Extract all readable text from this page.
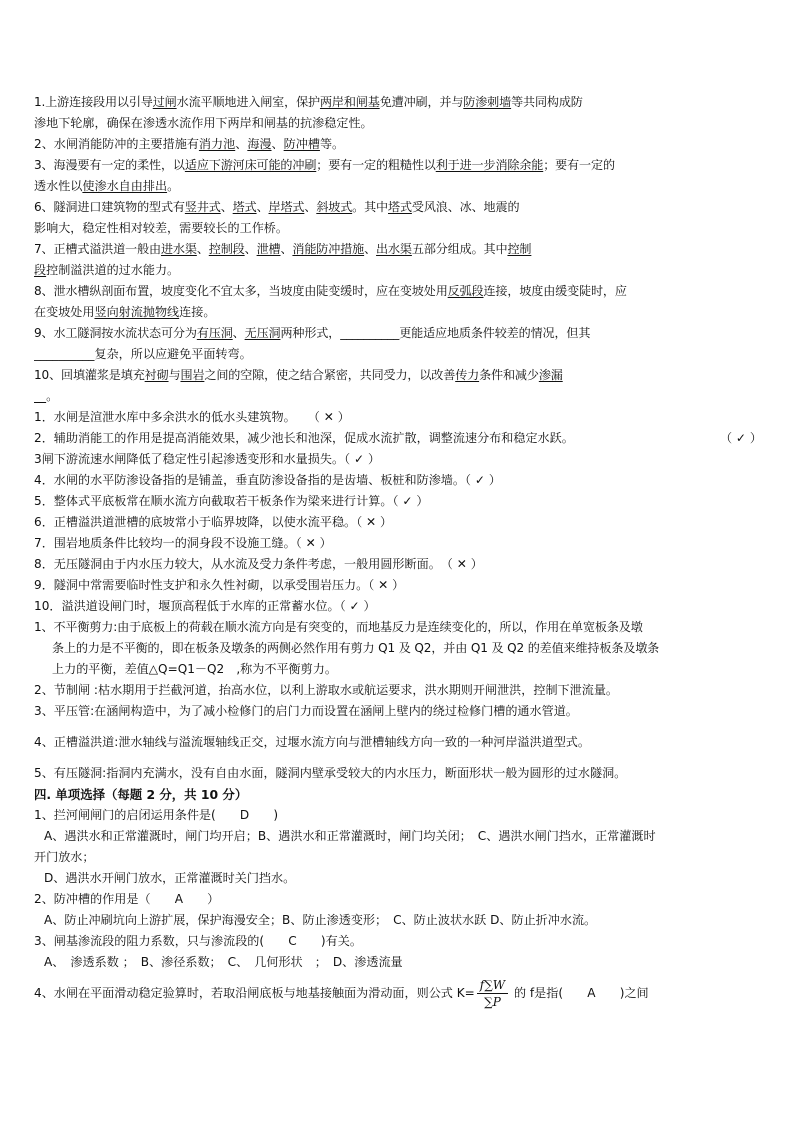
1.上游连接段用以引导过闸水流平顺地进入闸室，保护两岸和闸基免遭冲刷，并与防渗刺墙等共同构成防
渗地下轮廓，确保在渗透水流作用下两岸和闸基的抗渗稳定性。
2、水闸消能防冲的主要措施有消力池、海漫、防冲槽等。
3、海漫要有一定的柔性，以适应下游河床可能的冲刷；要有一定的粗糙性以利于进一步消除余能；要有一定的
透水性以使渗水自由排出。
6、隧洞进口建筑物的型式有竖井式、塔式、岸塔式、斜坡式。其中塔式受风浪、冰、地震的
影响大，稳定性相对较差，需要较长的工作桥。
7、正槽式溢洪道一般由进水渠、控制段、泄槽、消能防冲措施、出水渠五部分组成。其中控制
段控制溢洪道的过水能力。
8、泄水槽纵剖面布置，坡度变化不宜太多，当坡度由陡变缓时，应在变坡处用反弧段连接，坡度由缓变陡时，应
在变坡处用竖向射流抛物线连接。
9、水工隧洞按水流状态可分为有压洞、无压洞两种形式，__________更能适应地质条件较差的情况，但其
__________复杂，所以应避免平面转弯。
10、回填灌浆是填充衬砌与围岩之间的空隙，使之结合紧密，共同受力，以改善传力条件和减少渗漏
　。
1．水闸是渲泄水库中多余洪水的低水头建筑物。　　（ ✕ ）
2．辅助消能工的作用是提高消能效果，减少池长和池深，促成水流扩散，调整流速分布和稳定水跃。	（ ✓ ）
3闸下游流速水闸降低了稳定性引起渗透变形和水量损失。（ ✓ ）
4．水闸的水平防渗设备指的是铺盖，垂直防渗设备指的是齿墙、板桩和防渗墙。（ ✓ ）
5．整体式平底板常在顺水流方向截取若干板条作为梁来进行计算。（ ✓ ）
6．正槽溢洪道泄槽的底坡常小于临界坡降，以使水流平稳。（ ✕ ）
7．围岩地质条件比较均一的洞身段不设施工缝。（ ✕ ）
8．无压隧洞由于内水压力较大，从水流及受力条件考虑，一般用圆形断面。　（ ✕ ）
9．隧洞中常需要临时性支护和永久性衬砌，以承受围岩压力。（ ✕ ）
10．溢洪道设闸门时，堰顶高程低于水库的正常蓄水位。（ ✓ ）
1、不平衡剪力:由于底板上的荷载在顺水流方向是有突变的，而地基反力是连续变化的，所以，作用在单宽板条及墩
条上的力是不平衡的，即在板条及墩条的两侧必然作用有剪力 Q1 及 Q2，并由 Q1 及 Q2 的差值来维持板条及墩条
上力的平衡，差值△Q=Q1－Q2　,称为不平衡剪力。
2、节制闸 :枯水期用于拦截河道，抬高水位，以利上游取水或航运要求，洪水期则开闸泄洪，控制下泄流量。
3、平压管:在涵闸构造中，为了减小检修门的启门力而设置在涵闸上壁内的绕过检修门槽的通水管道。
4、正槽溢洪道:泄水轴线与溢流堰轴线正交，过堰水流方向与泄槽轴线方向一致的一种河岸溢洪道型式。
5、有压隧洞:指洞内充满水，没有自由水面，隧洞内壁承受较大的内水压力，断面形状一般为圆形的过水隧洞。
四. 单项选择（每题 2 分，共 10 分）
1、拦河闸闸门的启闭运用条件是(　　D　　)
A、遇洪水和正常灌溉时，闸门均开启；B、遇洪水和正常灌溉时，闸门均关闭；　C、遇洪水闸门挡水，正常灌溉时
开门放水；
D、遇洪水开闸门放水，正常灌溉时关门挡水。
2、防冲槽的作用是（　　A　　）
A、防止冲刷坑向上游扩展，保护海漫安全；B、防止渗透变形；　C、防止波状水跃 D、防止折冲水流。
3、闸基渗流段的阻力系数，只与渗流段的(　　C　　)有关。
A、　渗透系数 ；　B、渗径系数；　C、　几何形状　；　D、渗透流量
4、水闸在平面滑动稳定验算时，若取沿闸底板与地基接触面为滑动面，则公式 $K= \frac{f\sum W}{\sum P}$ 的 f是指(　　A　　)之间
